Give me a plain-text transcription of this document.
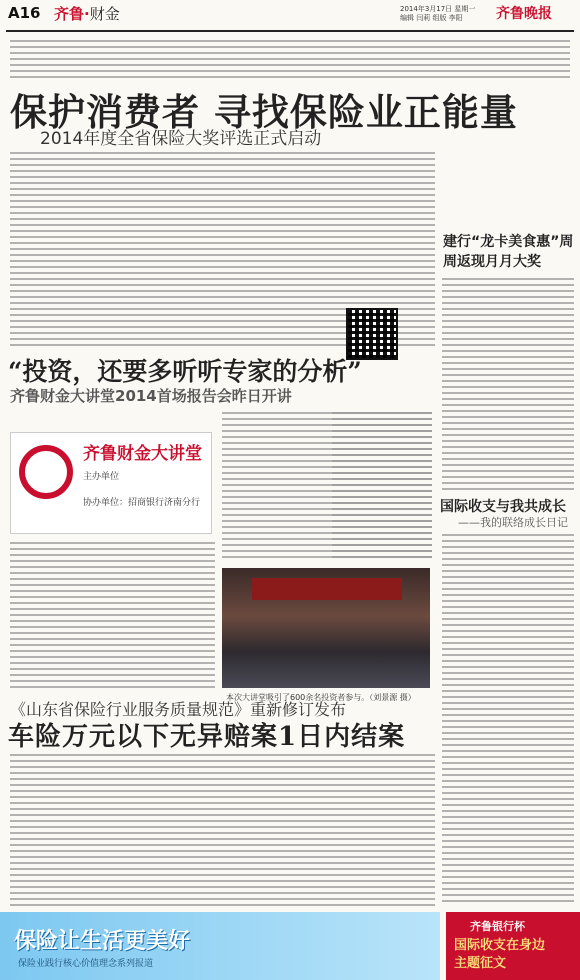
A16 齐鲁·财金	2014年3月17日 星期一
编辑 闫莉 组版 李阳	齐鲁晚报
保护消费者 寻找保险业正能量
2014年度全省保险大奖评选正式启动
建行“龙卡美食惠”周周返现月月大奖
“投资，还要多听听专家的分析”
齐鲁财金大讲堂2014首场报告会昨日开讲
齐鲁财金大讲堂
主办单位
协办单位：招商银行济南分行
本次大讲堂吸引了600余名投资者参与。（刘景源 摄）
国际收支与我共成长
——我的联络成长日记
《山东省保险行业服务质量规范》重新修订发布
车险万元以下无异赔案1日内结案
保险让生活更美好
保险业践行核心价值理念系列报道
齐鲁银行杯
国际收支在身边
主题征文
